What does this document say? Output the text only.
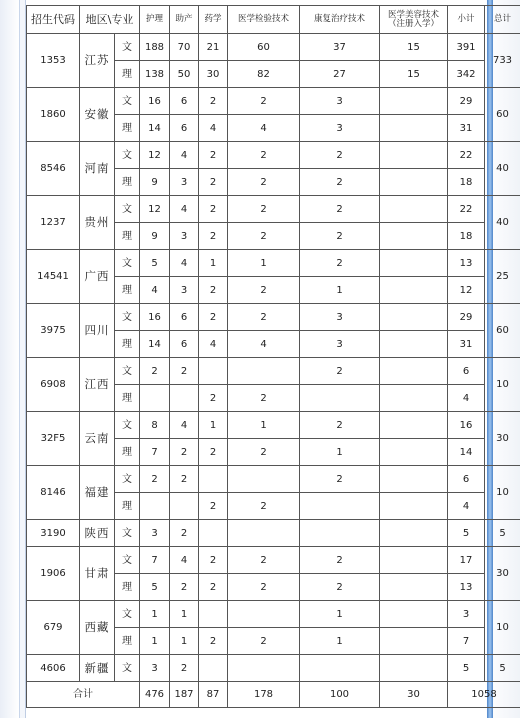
招生代码	地区\专业		护理	助产	药学	医学检验技术	康复治疗技术	医学美容技术
（注册入学）	小计	总计
1353	江苏	文	188	70	21	60	37	15	391	733
		理	138	50	30	82	27	15	342	
1860	安徽	文	16	6	2	2	3		29	60
		理	14	6	4	4	3		31	
8546	河南	文	12	4	2	2	2		22	40
		理	9	3	2	2	2		18	
1237	贵州	文	12	4	2	2	2		22	40
		理	9	3	2	2	2		18	
14541	广西	文	5	4	1	1	2		13	25
		理	4	3	2	2	1		12	
3975	四川	文	16	6	2	2	3		29	60
		理	14	6	4	4	3		31	
6908	江西	文	2	2			2		6	10
		理			2	2			4	
32F5	云南	文	8	4	1	1	2		16	30
		理	7	2	2	2	1		14	
8146	福建	文	2	2			2		6	10
		理			2	2			4	
3190	陕西	文	3	2					5	5
1906	甘肃	文	7	4	2	2	2		17	30
		理	5	2	2	2	2		13	
679	西藏	文	1	1			1		3	10
		理	1	1	2	2	1		7	
4606	新疆	文	3	2					5	5
合计			476	187	87	178	100	30	1058	
